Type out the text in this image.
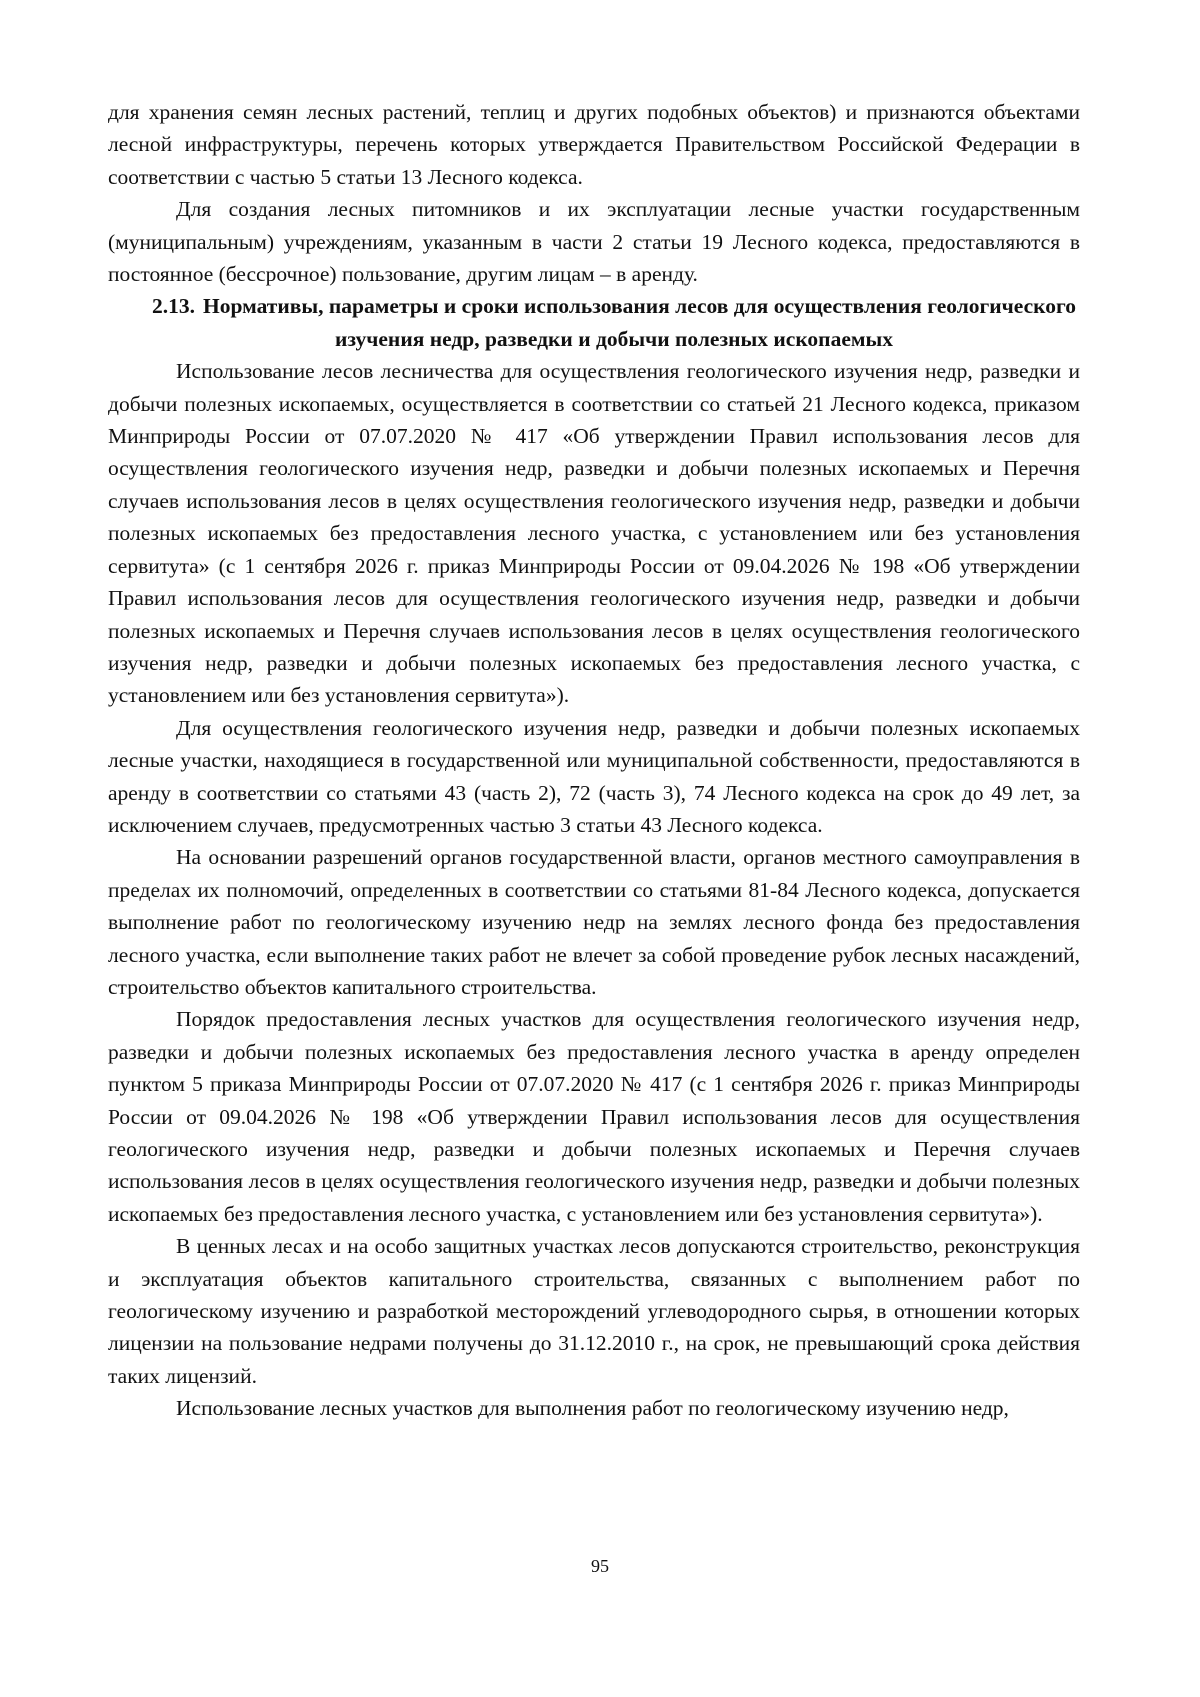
для хранения семян лесных растений, теплиц и других подобных объектов) и признаются объектами лесной инфраструктуры, перечень которых утверждается Правительством Российской Федерации в соответствии с частью 5 статьи 13 Лесного кодекса.

Для создания лесных питомников и их эксплуатации лесные участки государственным (муниципальным) учреждениям, указанным в части 2 статьи 19 Лесного кодекса, предоставляются в постоянное (бессрочное) пользование, другим лицам – в аренду.

2.13. Нормативы, параметры и сроки использования лесов для осуществления геологического изучения недр, разведки и добычи полезных ископаемых

Использование лесов лесничества для осуществления геологического изучения недр, разведки и добычи полезных ископаемых, осуществляется в соответствии со статьей 21 Лесного кодекса, приказом Минприроды России от 07.07.2020 № 417 «Об утверждении Правил использования лесов для осуществления геологического изучения недр, разведки и добычи полезных ископаемых и Перечня случаев использования лесов в целях осуществления геологического изучения недр, разведки и добычи полезных ископаемых без предоставления лесного участка, с установлением или без установления сервитута» (с 1 сентября 2026 г. приказ Минприроды России от 09.04.2026 № 198 «Об утверждении Правил использования лесов для осуществления геологического изучения недр, разведки и добычи полезных ископаемых и Перечня случаев использования лесов в целях осуществления геологического изучения недр, разведки и добычи полезных ископаемых без предоставления лесного участка, с установлением или без установления сервитута»).

Для осуществления геологического изучения недр, разведки и добычи полезных ископаемых лесные участки, находящиеся в государственной или муниципальной собственности, предоставляются в аренду в соответствии со статьями 43 (часть 2), 72 (часть 3), 74 Лесного кодекса на срок до 49 лет, за исключением случаев, предусмотренных частью 3 статьи 43 Лесного кодекса.

На основании разрешений органов государственной власти, органов местного самоуправления в пределах их полномочий, определенных в соответствии со статьями 81-84 Лесного кодекса, допускается выполнение работ по геологическому изучению недр на землях лесного фонда без предоставления лесного участка, если выполнение таких работ не влечет за собой проведение рубок лесных насаждений, строительство объектов капитального строительства.

Порядок предоставления лесных участков для осуществления геологического изучения недр, разведки и добычи полезных ископаемых без предоставления лесного участка в аренду определен пунктом 5 приказа Минприроды России от 07.07.2020 № 417 (с 1 сентября 2026 г. приказ Минприроды России от 09.04.2026 № 198 «Об утверждении Правил использования лесов для осуществления геологического изучения недр, разведки и добычи полезных ископаемых и Перечня случаев использования лесов в целях осуществления геологического изучения недр, разведки и добычи полезных ископаемых без предоставления лесного участка, с установлением или без установления сервитута»).

В ценных лесах и на особо защитных участках лесов допускаются строительство, реконструкция и эксплуатация объектов капитального строительства, связанных с выполнением работ по геологическому изучению и разработкой месторождений углеводородного сырья, в отношении которых лицензии на пользование недрами получены до 31.12.2010 г., на срок, не превышающий срока действия таких лицензий.

Использование лесных участков для выполнения работ по геологическому изучению недр,

95
